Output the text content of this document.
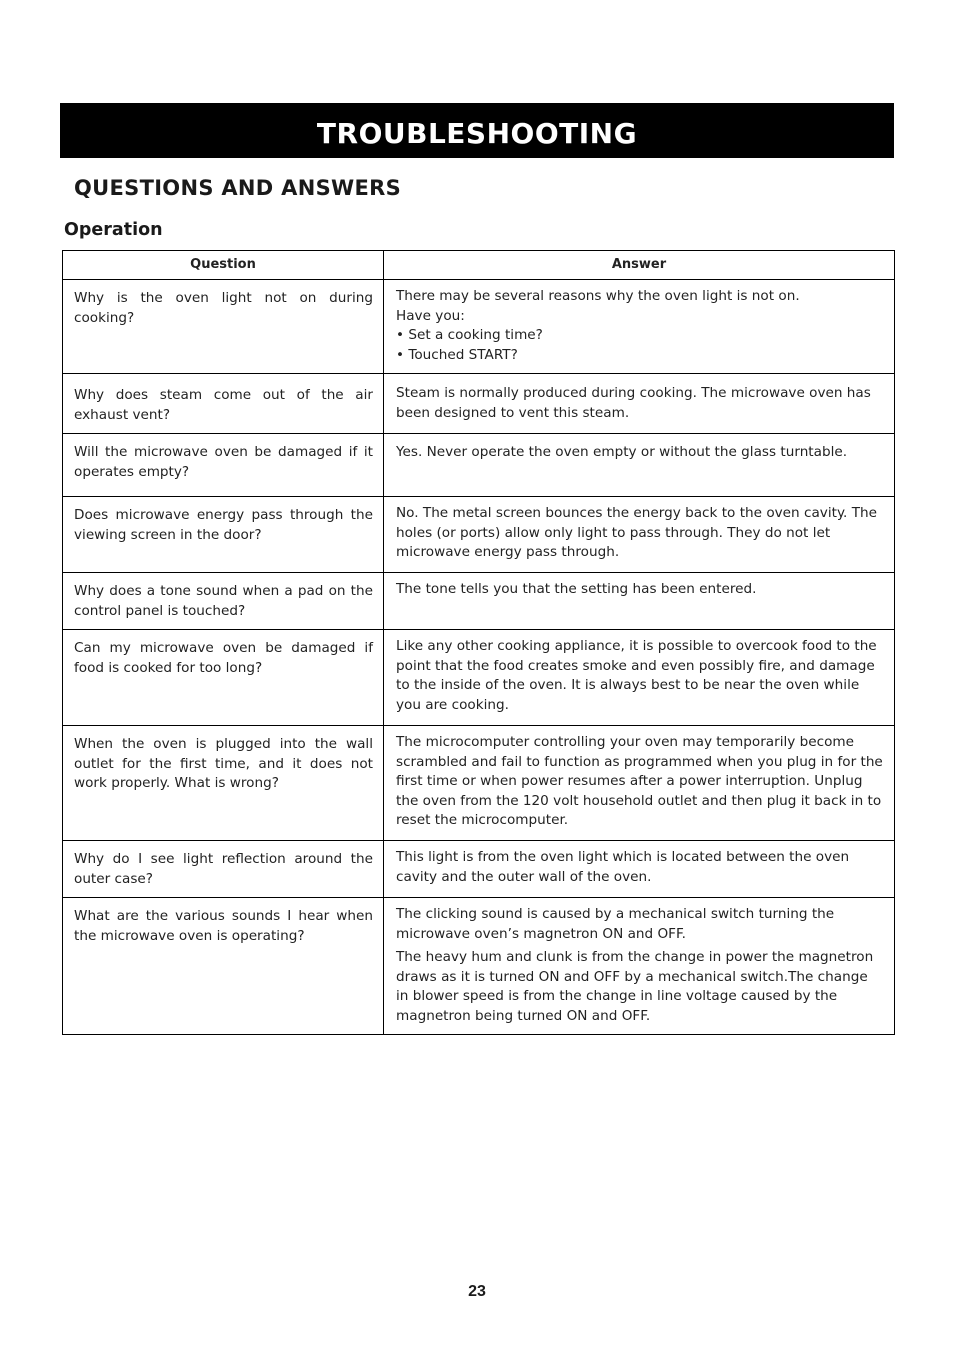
TROUBLESHOOTING
QUESTIONS AND ANSWERS
Operation
Question	Answer

Why is the oven light not on during cooking?	There may be several reasons why the oven light is not on.
Have you:
• Set a cooking time?
• Touched START?

Why does steam come out of the air exhaust vent?	Steam is normally produced during cooking. The microwave oven has been designed to vent this steam.

Will the microwave oven be damaged if it operates empty?	Yes. Never operate the oven empty or without the glass turntable.

Does microwave energy pass through the viewing screen in the door?	No. The metal screen bounces the energy back to the oven cavity. The holes (or ports) allow only light to pass through. They do not let microwave energy pass through.

Why does a tone sound when a pad on the control panel is touched?	The tone tells you that the setting has been entered.

Can my microwave oven be damaged if food is cooked for too long?	Like any other cooking appliance, it is possible to overcook food to the point that the food creates smoke and even possibly fire, and damage to the inside of the oven. It is always best to be near the oven while you are cooking.

When the oven is plugged into the wall outlet for the first time, and it does not work properly. What is wrong?	The microcomputer controlling your oven may temporarily become scrambled and fail to function as programmed when you plug in for the first time or when power resumes after a power interruption. Unplug the oven from the 120 volt household outlet and then plug it back in to reset the microcomputer.

Why do I see light reflection around the outer case?	This light is from the oven light which is located between the oven cavity and the outer wall of the oven.

What are the various sounds I hear when the microwave oven is operating?	The clicking sound is caused by a mechanical switch turning the microwave oven’s magnetron ON and OFF.
The heavy hum and clunk is from the change in power the magnetron draws as it is turned ON and OFF by a mechanical switch.The change in blower speed is from the change in line voltage caused by the magnetron being turned ON and OFF.
23
